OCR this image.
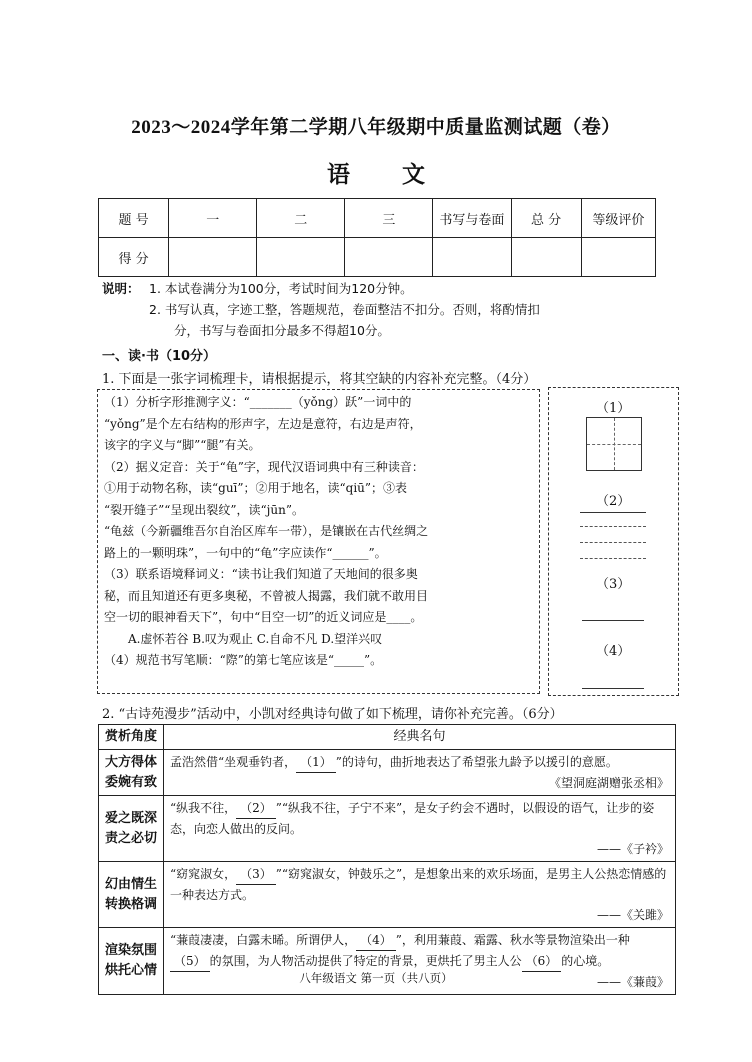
2023～2024学年第二学期八年级期中质量监测试题（卷）
语 文
题 号	一	二	三	书写与卷面	总 分	等级评价
得 分						
说明： 1. 本试卷满分为100分，考试时间为120分钟。
2. 书写认真，字迹工整，答题规范，卷面整洁不扣分。否则，将酌情扣
分，书写与卷面扣分最多不得超10分。
一、读·书（10分）
1. 下面是一张字词梳理卡，请根据提示，将其空缺的内容补充完整。（4分）
（1）分析字形推测字义：“_______（yǒng）跃”一词中的
“yǒng”是个左右结构的形声字，左边是意符，右边是声符，
该字的字义与“脚”“腿”有关。
（2）据义定音：关于“龟”字，现代汉语词典中有三种读音：
①用于动物名称，读“guī”；②用于地名，读“qiū”；③表
“裂开缝子”“呈现出裂纹”，读“jūn”。
“龟兹（今新疆维吾尔自治区库车一带），是镶嵌在古代丝绸之
路上的一颗明珠”，一句中的“龟”字应读作“______”。
（3）联系语境释词义：“读书让我们知道了天地间的很多奥
秘，而且知道还有更多奥秘，不曾被人揭露，我们就不敢用目
空一切的眼神看天下”，句中“目空一切”的近义词应是____。
A.虚怀若谷 B.叹为观止 C.自命不凡 D.望洋兴叹
（4）规范书写笔顺：“際”的第七笔应该是“_____”。
（1）
（2）
（3）
（4）
2. “古诗苑漫步”活动中，小凯对经典诗句做了如下梳理，请你补充完善。（6分）
赏析角度	经典名句
大方得体委婉有致	孟浩然借“坐观垂钓者， （1） ”的诗句，曲折地表达了希望张九龄予以援引的意愿。
《望洞庭湖赠张丞相》

爱之既深责之必切	“纵我不往， （2） ”“纵我不往，子宁不来”，是女子约会不遇时，以假设的语气，让步的姿态，向恋人做出的反问。
——《子衿》

幻由情生转换格调	“窈窕淑女， （3） ”“窈窕淑女，钟鼓乐之”，是想象出来的欢乐场面，是男主人公热恋情感的一种表达方式。
——《关雎》

渲染氛围烘托心情	“蒹葭凄凄，白露未晞。所谓伊人， （4） ”，利用蒹葭、霜露、秋水等景物渲染出一种（5） 的氛围，为人物活动提供了特定的背景，更烘托了男主人公 （6） 的心境。
——《蒹葭》
八年级语文 第一页（共八页）
